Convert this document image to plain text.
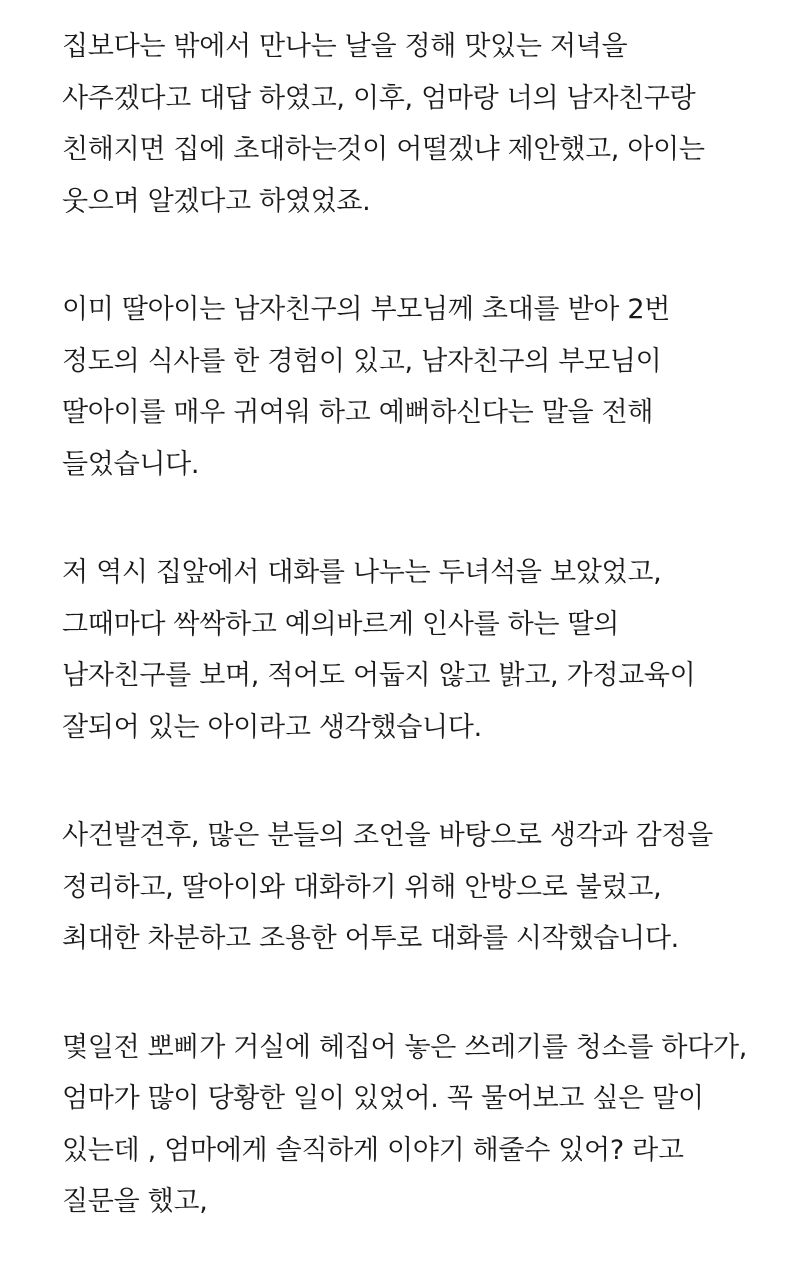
집보다는 밖에서 만나는 날을 정해 맛있는 저녁을
사주겠다고 대답 하였고, 이후, 엄마랑 너의 남자친구랑
친해지면 집에 초대하는것이 어떨겠냐 제안했고, 아이는
웃으며 알겠다고 하였었죠.
이미 딸아이는 남자친구의 부모님께 초대를 받아 2번
정도의 식사를 한 경험이 있고, 남자친구의 부모님이
딸아이를 매우 귀여워 하고 예뻐하신다는 말을 전해
들었습니다.
저 역시 집앞에서 대화를 나누는 두녀석을 보았었고,
그때마다 싹싹하고 예의바르게 인사를 하는 딸의
남자친구를 보며, 적어도 어둡지 않고 밝고, 가정교육이
잘되어 있는 아이라고 생각했습니다.
사건발견후, 많은 분들의 조언을 바탕으로 생각과 감정을
정리하고, 딸아이와 대화하기 위해 안방으로 불렀고,
최대한 차분하고 조용한 어투로 대화를 시작했습니다.
몇일전 뽀삐가 거실에 헤집어 놓은 쓰레기를 청소를 하다가,
엄마가 많이 당황한 일이 있었어. 꼭 물어보고 싶은 말이
있는데 , 엄마에게 솔직하게 이야기 해줄수 있어? 라고
질문을 했고,
